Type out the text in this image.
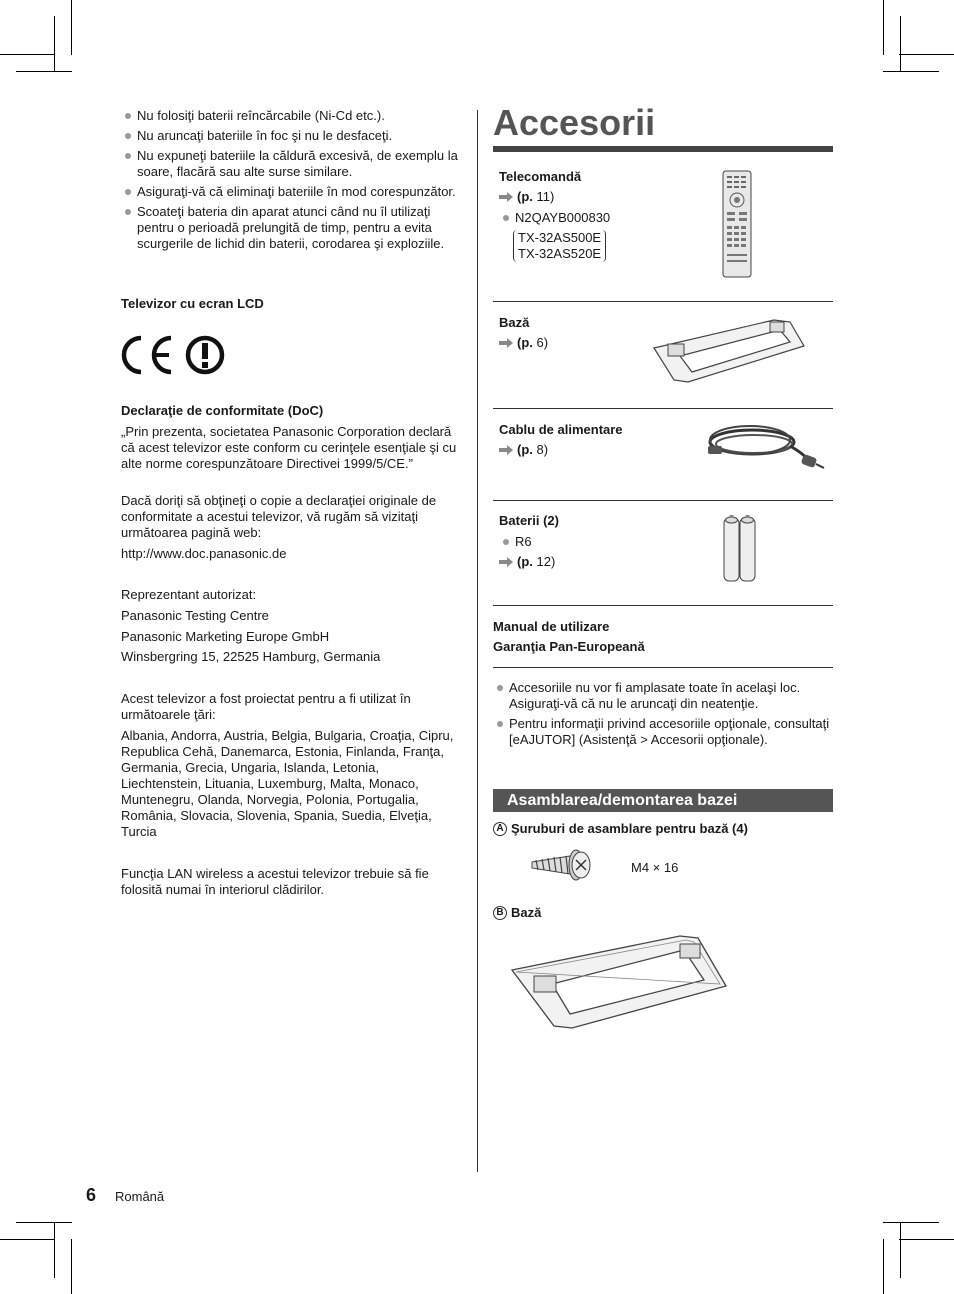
Nu folosiţi baterii reîncărcabile (Ni-Cd etc.).
Nu aruncaţi bateriile în foc şi nu le desfaceţi.
Nu expuneţi bateriile la căldură excesivă, de exemplu la soare, flacără sau alte surse similare.
Asiguraţi-vă că eliminaţi bateriile în mod corespunzător.
Scoateţi bateria din aparat atunci când nu îl utilizaţi pentru o perioadă prelungită de timp, pentru a evita scurgerile de lichid din baterii, corodarea şi exploziile.
Televizor cu ecran LCD
Declaraţie de conformitate (DoC)

„Prin prezenta, societatea Panasonic Corporation declară că acest televizor este conform cu cerinţele esenţiale şi cu alte norme corespunzătoare Directivei 1999/5/CE.”

Dacă doriţi să obţineţi o copie a declaraţiei originale de conformitate a acestui televizor, vă rugăm să vizitaţi următoarea pagină web:

http://www.doc.panasonic.de

Reprezentant autorizat:

Panasonic Testing Centre

Panasonic Marketing Europe GmbH

Winsbergring 15, 22525 Hamburg, Germania

Acest televizor a fost proiectat pentru a fi utilizat în următoarele ţări:

Albania, Andorra, Austria, Belgia, Bulgaria, Croaţia, Cipru, Republica Cehă, Danemarca, Estonia, Finlanda, Franţa, Germania, Grecia, Ungaria, Islanda, Letonia, Liechtenstein, Lituania, Luxemburg, Malta, Monaco, Muntenegru, Olanda, Norvegia, Polonia, Portugalia, România, Slovacia, Slovenia, Spania, Suedia, Elveţia, Turcia

Funcţia LAN wireless a acestui televizor trebuie să fie folosită numai în interiorul clădirilor.

Accesorii
Telecomandă
(p. 11)
N2QAYB000830
TX-32AS500E
TX-32AS520E
Bază
(p. 6)
Cablu de alimentare
(p. 8)
Baterii (2)
R6
(p. 12)
Manual de utilizare
Garanţia Pan-Europeană
Accesoriile nu vor fi amplasate toate în acelaşi loc. Asiguraţi-vă că nu le aruncaţi din neatenţie.
Pentru informaţii privind accesoriile opţionale, consultaţi [eAJUTOR] (Asistenţă > Accesorii opţionale).
Asamblarea/demontarea bazei
A Şuruburi de asamblare pentru bază (4)
M4 × 16
B Bază
6 Română
